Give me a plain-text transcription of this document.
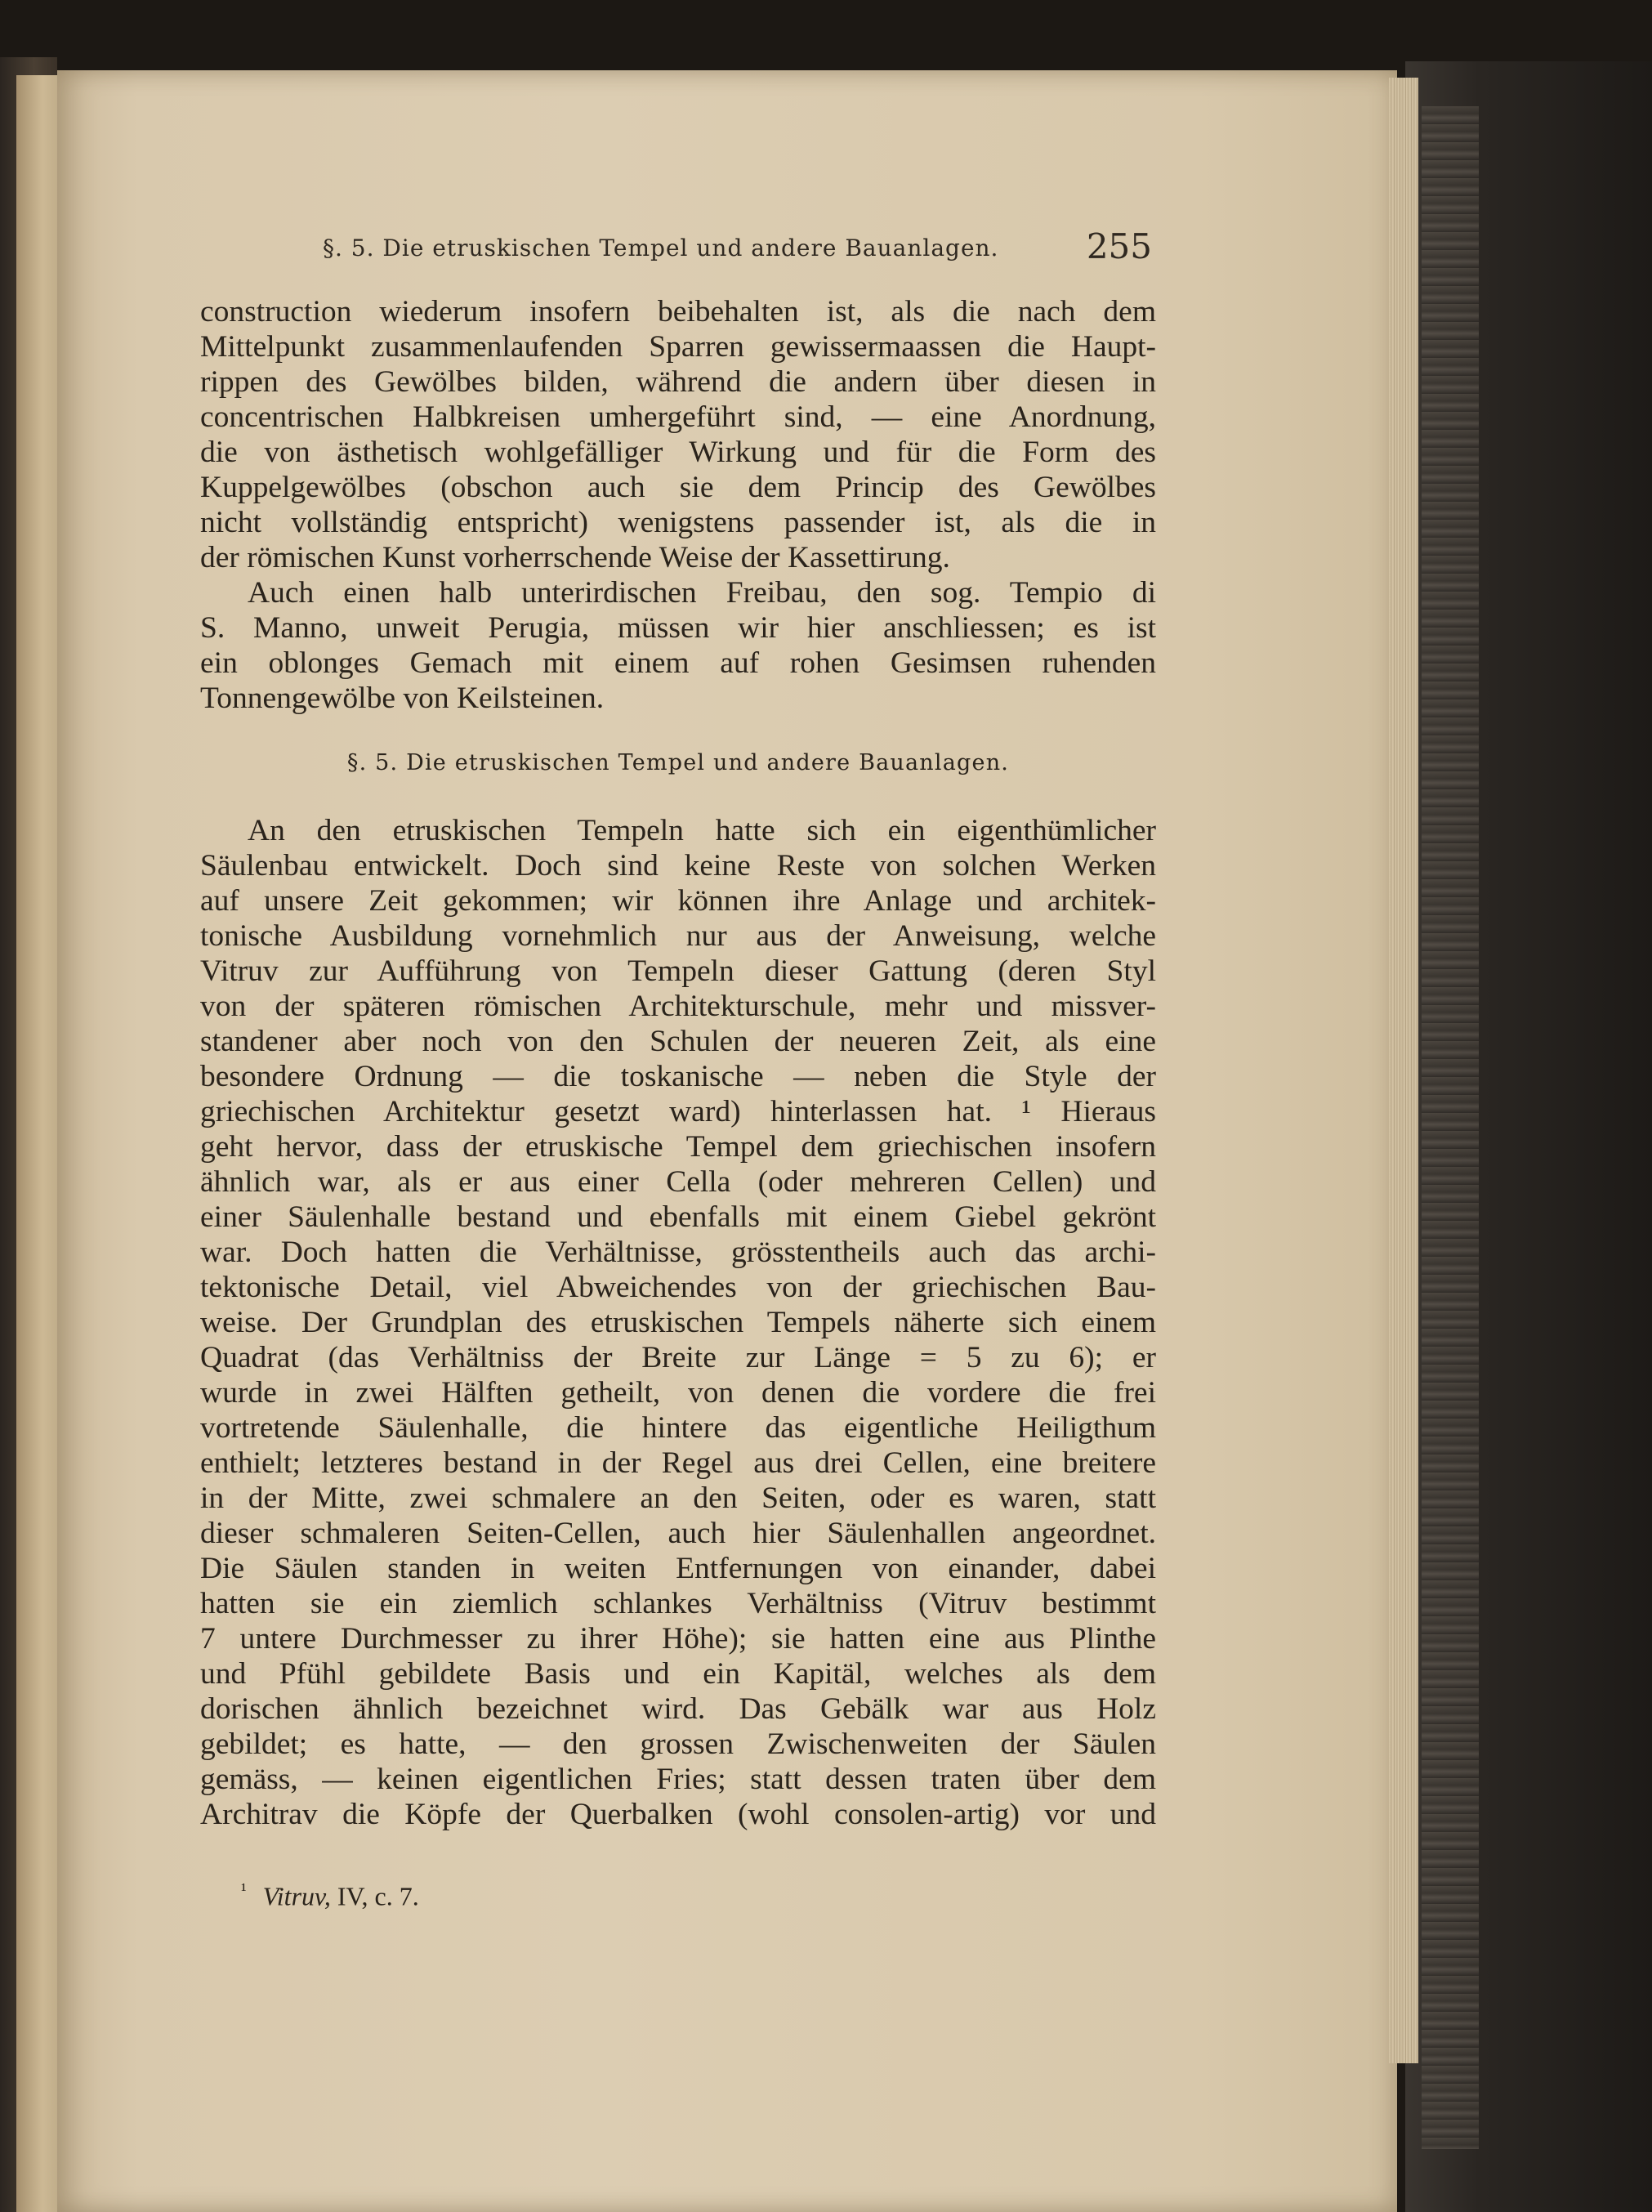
§. 5. Die etruskischen Tempel und andere Bauanlagen.	255
construction wiederum insofern beibehalten ist, als die nach dem
Mittelpunkt zusammenlaufenden Sparren gewissermaassen die Haupt-
rippen des Gewölbes bilden, während die andern über diesen in
concentrischen Halbkreisen umhergeführt sind, — eine Anordnung,
die von ästhetisch wohlgefälliger Wirkung und für die Form des
Kuppelgewölbes (obschon auch sie dem Princip des Gewölbes
nicht vollständig entspricht) wenigstens passender ist, als die in
der römischen Kunst vorherrschende Weise der Kassettirung.
Auch einen halb unterirdischen Freibau, den sog. Tempio di
S. Manno, unweit Perugia, müssen wir hier anschliessen; es ist
ein oblonges Gemach mit einem auf rohen Gesimsen ruhenden
Tonnengewölbe von Keilsteinen.
§. 5. Die etruskischen Tempel und andere Bauanlagen.
An den etruskischen Tempeln hatte sich ein eigenthümlicher
Säulenbau entwickelt. Doch sind keine Reste von solchen Werken
auf unsere Zeit gekommen; wir können ihre Anlage und architek-
tonische Ausbildung vornehmlich nur aus der Anweisung, welche
Vitruv zur Aufführung von Tempeln dieser Gattung (deren Styl
von der späteren römischen Architekturschule, mehr und missver-
standener aber noch von den Schulen der neueren Zeit, als eine
besondere Ordnung — die toskanische — neben die Style der
griechischen Architektur gesetzt ward) hinterlassen hat. ¹ Hieraus
geht hervor, dass der etruskische Tempel dem griechischen insofern
ähnlich war, als er aus einer Cella (oder mehreren Cellen) und
einer Säulenhalle bestand und ebenfalls mit einem Giebel gekrönt
war. Doch hatten die Verhältnisse, grösstentheils auch das archi-
tektonische Detail, viel Abweichendes von der griechischen Bau-
weise. Der Grundplan des etruskischen Tempels näherte sich einem
Quadrat (das Verhältniss der Breite zur Länge = 5 zu 6); er
wurde in zwei Hälften getheilt, von denen die vordere die frei
vortretende Säulenhalle, die hintere das eigentliche Heiligthum
enthielt; letzteres bestand in der Regel aus drei Cellen, eine breitere
in der Mitte, zwei schmalere an den Seiten, oder es waren, statt
dieser schmaleren Seiten-Cellen, auch hier Säulenhallen angeordnet.
Die Säulen standen in weiten Entfernungen von einander, dabei
hatten sie ein ziemlich schlankes Verhältniss (Vitruv bestimmt
7 untere Durchmesser zu ihrer Höhe); sie hatten eine aus Plinthe
und Pfühl gebildete Basis und ein Kapitäl, welches als dem
dorischen ähnlich bezeichnet wird. Das Gebälk war aus Holz
gebildet; es hatte, — den grossen Zwischenweiten der Säulen
gemäss, — keinen eigentlichen Fries; statt dessen traten über dem
Architrav die Köpfe der Querbalken (wohl consolen-artig) vor und
$^{^1}$ Vitruv, IV, c. 7.
